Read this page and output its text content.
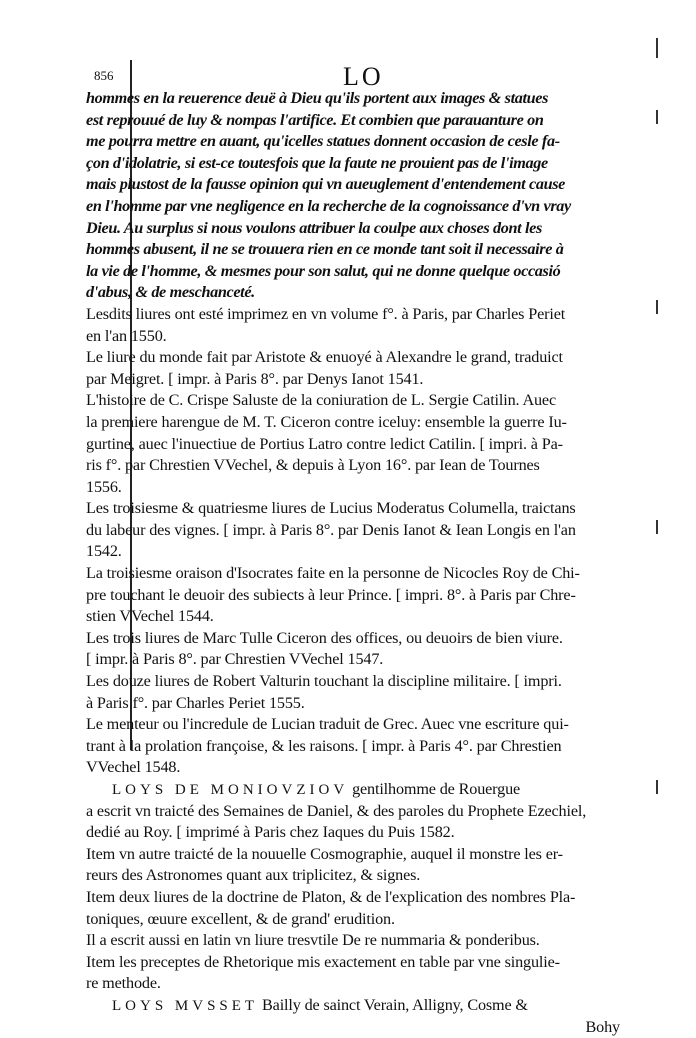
856	LO
hommes en la reuerence deuë à Dieu qu'ils portent aux images & statues
est reprouué de luy & nompas l'artifice. Et combien que parauanture on
me pourra mettre en auant, qu'icelles statues donnent occasion de cesle fa-
çon d'idolatrie, si est-ce toutesfois que la faute ne prouient pas de l'image
mais plustost de la fausse opinion qui vn aueuglement d'entendement cause
en l'homme par vne negligence en la recherche de la cognoissance d'vn vray
Dieu. Au surplus si nous voulons attribuer la coulpe aux choses dont les
hommes abusent, il ne se trouuera rien en ce monde tant soit il necessaire à
la vie de l'homme, & mesmes pour son salut, qui ne donne quelque occasió
d'abus, & de meschanceté.
Lesdits liures ont esté imprimez en vn volume f°. à Paris, par Charles Periet
en l'an 1550.
Le liure du monde fait par Aristote & enuoyé à Alexandre le grand, traduict
par Meigret. [ impr. à Paris 8°. par Denys Ianot 1541.
L'histoire de C. Crispe Saluste de la coniuration de L. Sergie Catilin. Auec
la premiere harengue de M. T. Ciceron contre iceluy: ensemble la guerre Iu-
gurtine, auec l'inuectiue de Portius Latro contre ledict Catilin. [ impri. à Pa-
ris f°. par Chrestien VVechel, & depuis à Lyon 16°. par Iean de Tournes
1556.
Les troisiesme & quatriesme liures de Lucius Moderatus Columella, traictans
du labeur des vignes. [ impr. à Paris 8°. par Denis Ianot & Iean Longis en l'an
1542.
La troisiesme oraison d'Isocrates faite en la personne de Nicocles Roy de Chi-
pre touchant le deuoir des subiects à leur Prince. [ impri. 8°. à Paris par Chre-
stien VVechel 1544.
Les trois liures de Marc Tulle Ciceron des offices, ou deuoirs de bien viure.
[ impr. à Paris 8°. par Chrestien VVechel 1547.
Les douze liures de Robert Valturin touchant la discipline militaire. [ impri.
à Paris f°. par Charles Periet 1555.
Le menteur ou l'incredule de Lucian traduit de Grec. Auec vne escriture qui-
trant à la prolation françoise, & les raisons. [ impr. à Paris 4°. par Chrestien
VVechel 1548.
LOYS DE MONIOVZIOV gentilhomme de Rouergue
a escrit vn traicté des Semaines de Daniel, & des paroles du Prophete Ezechiel,
dedié au Roy. [ imprimé à Paris chez Iaques du Puis 1582.
Item vn autre traicté de la nouuelle Cosmographie, auquel il monstre les er-
reurs des Astronomes quant aux triplicitez, & signes.
Item deux liures de la doctrine de Platon, & de l'explication des nombres Pla-
toniques, œuure excellent, & de grand' erudition.
Il a escrit aussi en latin vn liure tresvtile De re nummaria & ponderibus.
Item les preceptes de Rhetorique mis exactement en table par vne singulie-
re methode.
LOYS MVSSET Bailly de sainct Verain, Alligny, Cosme &
Bohy
